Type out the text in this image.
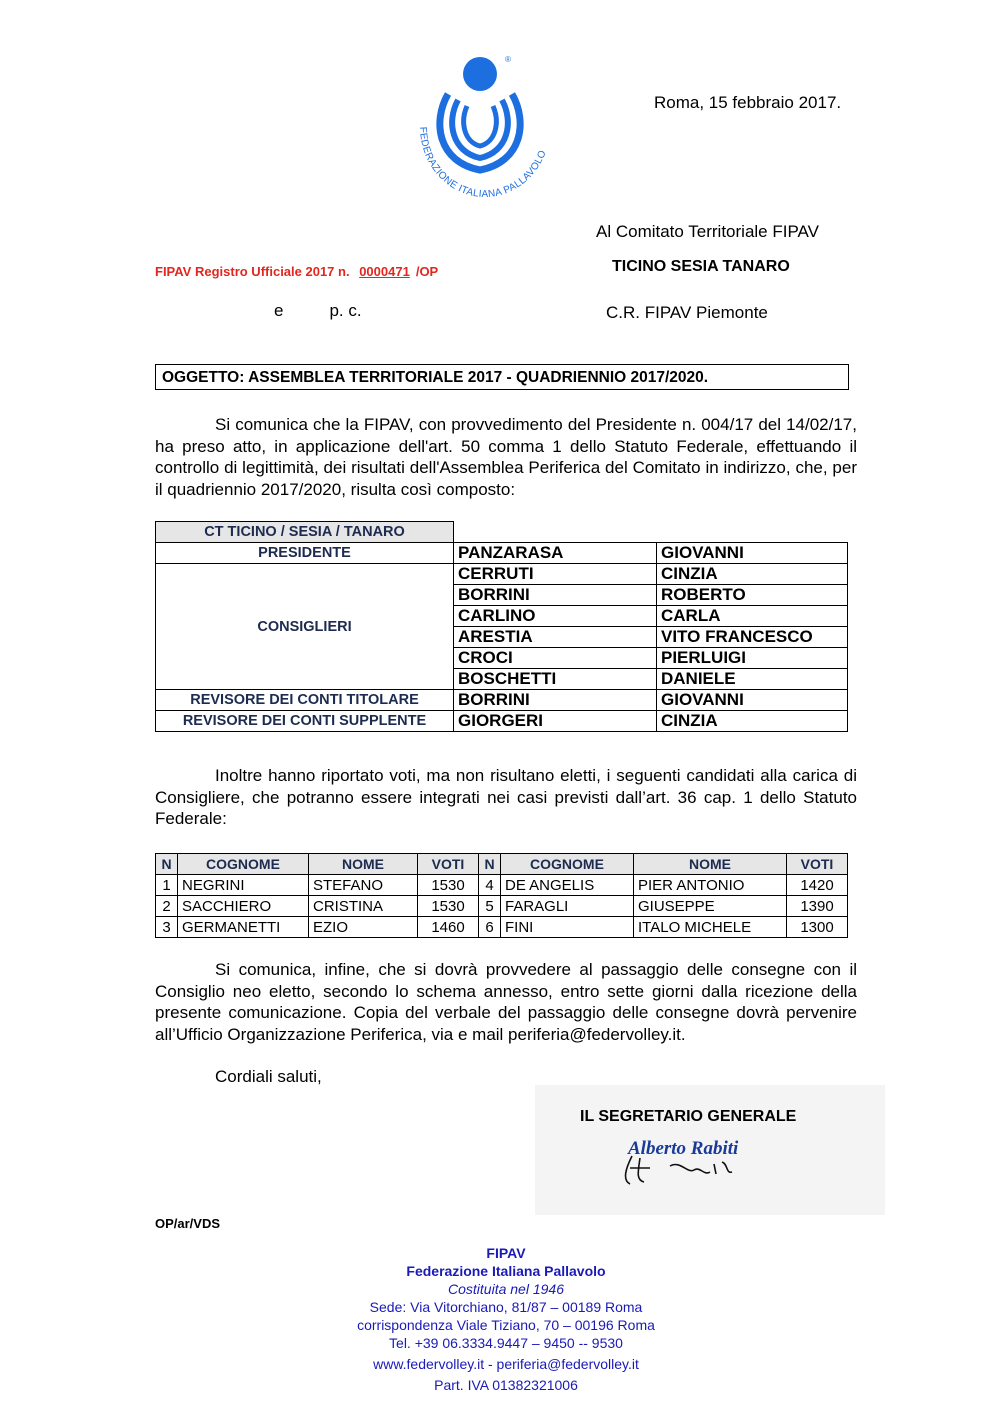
®
FEDERAZIONE ITALIANA PALLAVOLO
Roma, 15 febbraio 2017.
Al Comitato Territoriale FIPAV
TICINO SESIA TANARO
C.R. FIPAV Piemonte
FIPAV Registro Ufficiale 2017 n. 0000471 /OP
e	p. c.
OGGETTO: ASSEMBLEA TERRITORIALE 2017 - QUADRIENNIO 2017/2020.
Si comunica che la FIPAV, con provvedimento del Presidente n. 004/17 del 14/02/17, ha preso atto, in applicazione dell'art. 50 comma 1 dello Statuto Federale, effettuando il controllo di legittimità, dei risultati dell'Assemblea Periferica del Comitato in indirizzo, che, per il quadriennio 2017/2020, risulta così composto:
CT TICINO / SESIA / TANARO		
PRESIDENTE	PANZARASA	GIOVANNI
CONSIGLIERI	CERRUTI	CINZIA
	BORRINI	ROBERTO
	CARLINO	CARLA
	ARESTIA	VITO FRANCESCO
	CROCI	PIERLUIGI
	BOSCHETTI	DANIELE
REVISORE DEI CONTI TITOLARE	BORRINI	GIOVANNI
REVISORE DEI CONTI SUPPLENTE	GIORGERI	CINZIA
Inoltre hanno riportato voti, ma non risultano eletti, i seguenti candidati alla carica di Consigliere, che potranno essere integrati nei casi previsti dall’art. 36 cap. 1 dello Statuto Federale:
N	COGNOME	NOME	VOTI	N	COGNOME	NOME	VOTI
1	NEGRINI	STEFANO	1530	4	DE ANGELIS	PIER ANTONIO	1420
2	SACCHIERO	CRISTINA	1530	5	FARAGLI	GIUSEPPE	1390
3	GERMANETTI	EZIO	1460	6	FINI	ITALO MICHELE	1300
Si comunica, infine, che si dovrà provvedere al passaggio delle consegne con il Consiglio neo eletto, secondo lo schema annesso, entro sette giorni dalla ricezione della presente comunicazione. Copia del verbale del passaggio delle consegne dovrà pervenire all’Ufficio Organizzazione Periferica, via e mail periferia@federvolley.it.
Cordiali saluti,
IL SEGRETARIO GENERALE
Alberto Rabiti
OP/ar/VDS
FIPAV
Federazione Italiana Pallavolo
Costituita nel 1946
Sede: Via Vitorchiano, 81/87 – 00189 Roma
corrispondenza Viale Tiziano, 70 – 00196 Roma
Tel. +39 06.3334.9447 – 9450 -- 9530
www.federvolley.it - periferia@federvolley.it
Part. IVA 01382321006
